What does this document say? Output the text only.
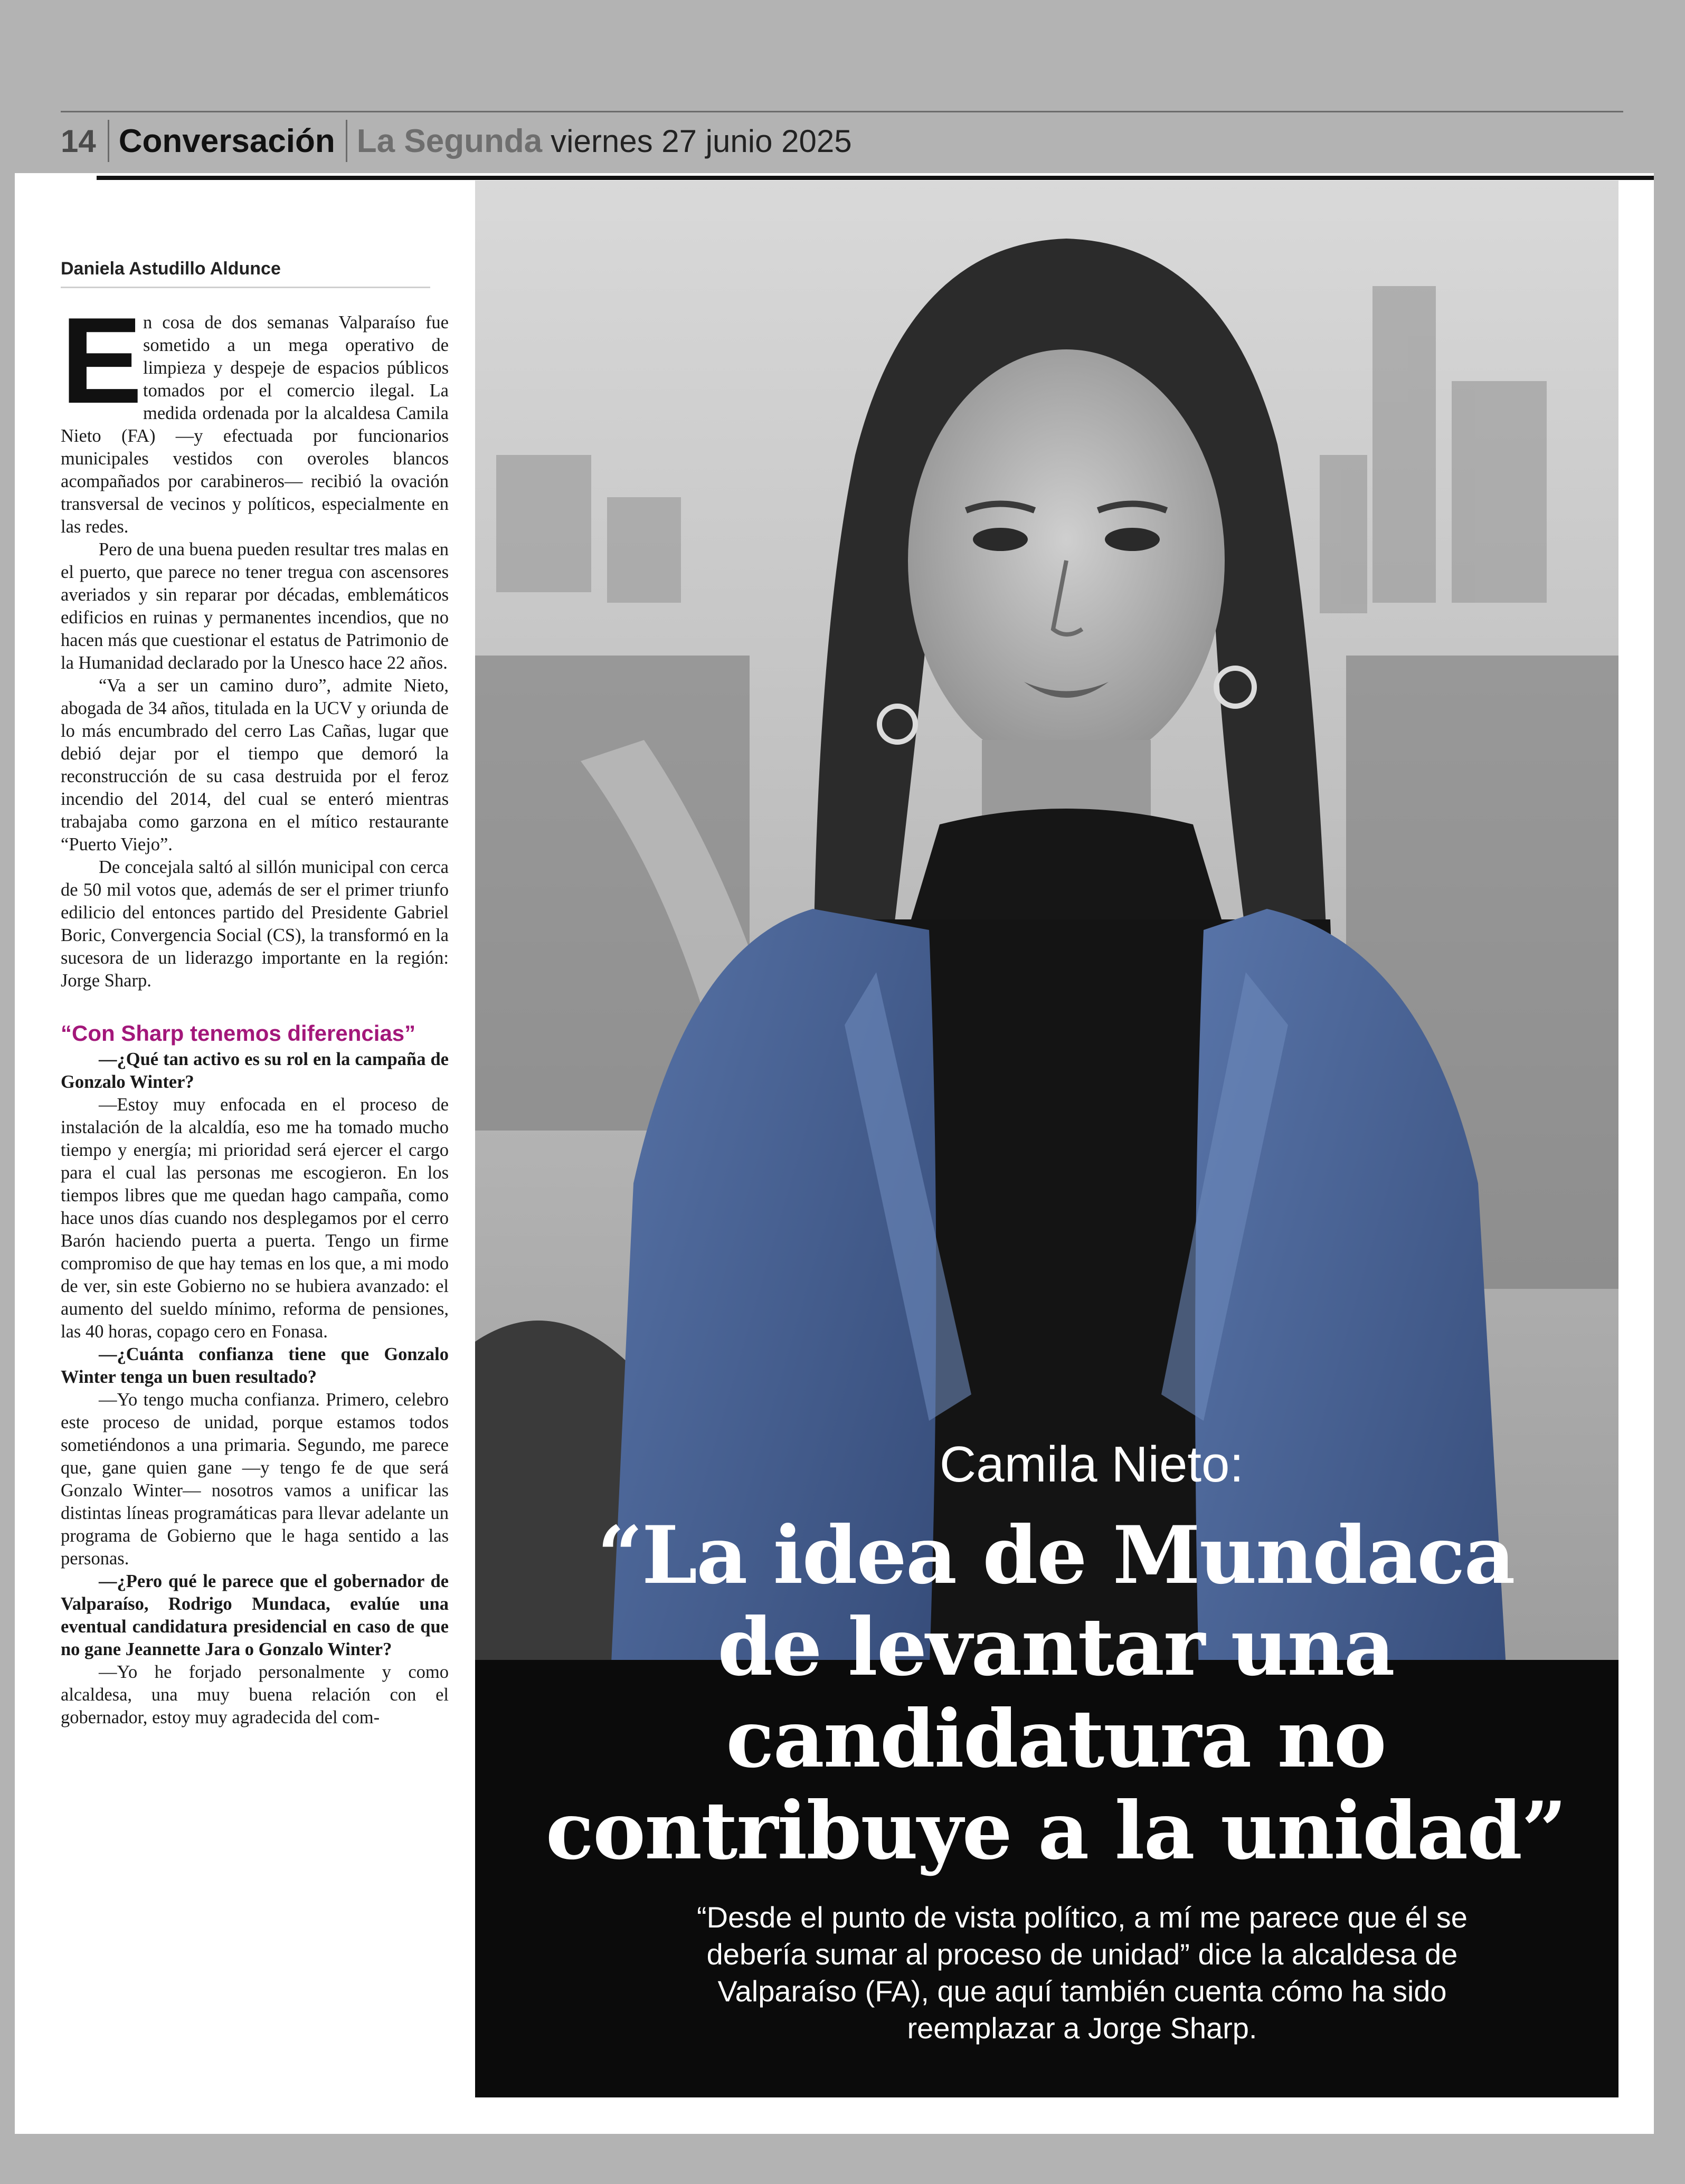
14 Conversación La Segunda viernes 27 junio 2025
Daniela Astudillo Aldunce

En cosa de dos semanas Valparaíso fue sometido a un mega operativo de limpieza y despeje de espacios públicos tomados por el comercio ilegal. La medida ordenada por la alcaldesa Camila Nieto (FA) —y efectuada por funcionarios municipales vestidos con overoles blancos acompañados por carabineros— recibió la ovación transversal de vecinos y políticos, especialmente en las redes.

Pero de una buena pueden resultar tres malas en el puerto, que parece no tener tregua con ascensores averiados y sin reparar por décadas, emblemáticos edificios en ruinas y permanentes incendios, que no hacen más que cuestionar el estatus de Patrimonio de la Humanidad declarado por la Unesco hace 22 años.

“Va a ser un camino duro”, admite Nieto, abogada de 34 años, titulada en la UCV y oriunda de lo más encumbrado del cerro Las Cañas, lugar que debió dejar por el tiempo que demoró la reconstrucción de su casa destruida por el feroz incendio del 2014, del cual se enteró mientras trabajaba como garzona en el mítico restaurante “Puerto Viejo”.

De concejala saltó al sillón municipal con cerca de 50 mil votos que, además de ser el primer triunfo edilicio del entonces partido del Presidente Gabriel Boric, Convergencia Social (CS), la transformó en la sucesora de un liderazgo importante en la región: Jorge Sharp.

“Con Sharp tenemos diferencias”

—¿Qué tan activo es su rol en la campaña de Gonzalo Winter?

—Estoy muy enfocada en el proceso de instalación de la alcaldía, eso me ha tomado mucho tiempo y energía; mi prioridad será ejercer el cargo para el cual las personas me escogieron. En los tiempos libres que me quedan hago campaña, como hace unos días cuando nos desplegamos por el cerro Barón haciendo puerta a puerta. Tengo un firme compromiso de que hay temas en los que, a mi modo de ver, sin este Gobierno no se hubiera avanzado: el aumento del sueldo mínimo, reforma de pensiones, las 40 horas, copago cero en Fonasa.

—¿Cuánta confianza tiene que Gonzalo Winter tenga un buen resultado?

—Yo tengo mucha confianza. Primero, celebro este proceso de unidad, porque estamos todos sometiéndonos a una primaria. Segundo, me parece que, gane quien gane —y tengo fe de que será Gonzalo Winter— nosotros vamos a unificar las distintas líneas programáticas para llevar adelante un programa de Gobierno que le haga sentido a las personas.

—¿Pero qué le parece que el gobernador de Valparaíso, Rodrigo Mundaca, evalúe una eventual candidatura presidencial en caso de que no gane Jeannette Jara o Gonzalo Winter?

—Yo he forjado personalmente y como alcaldesa, una muy buena relación con el gobernador, estoy muy agradecida del com-

Camila Nieto:
“La idea de Mundaca
de levantar una
candidatura no
contribuye a la unidad”
“Desde el punto de vista político, a mí me parece que él se debería sumar al proceso de unidad” dice la alcaldesa de Valparaíso (FA), que aquí también cuenta cómo ha sido reemplazar a Jorge Sharp.
